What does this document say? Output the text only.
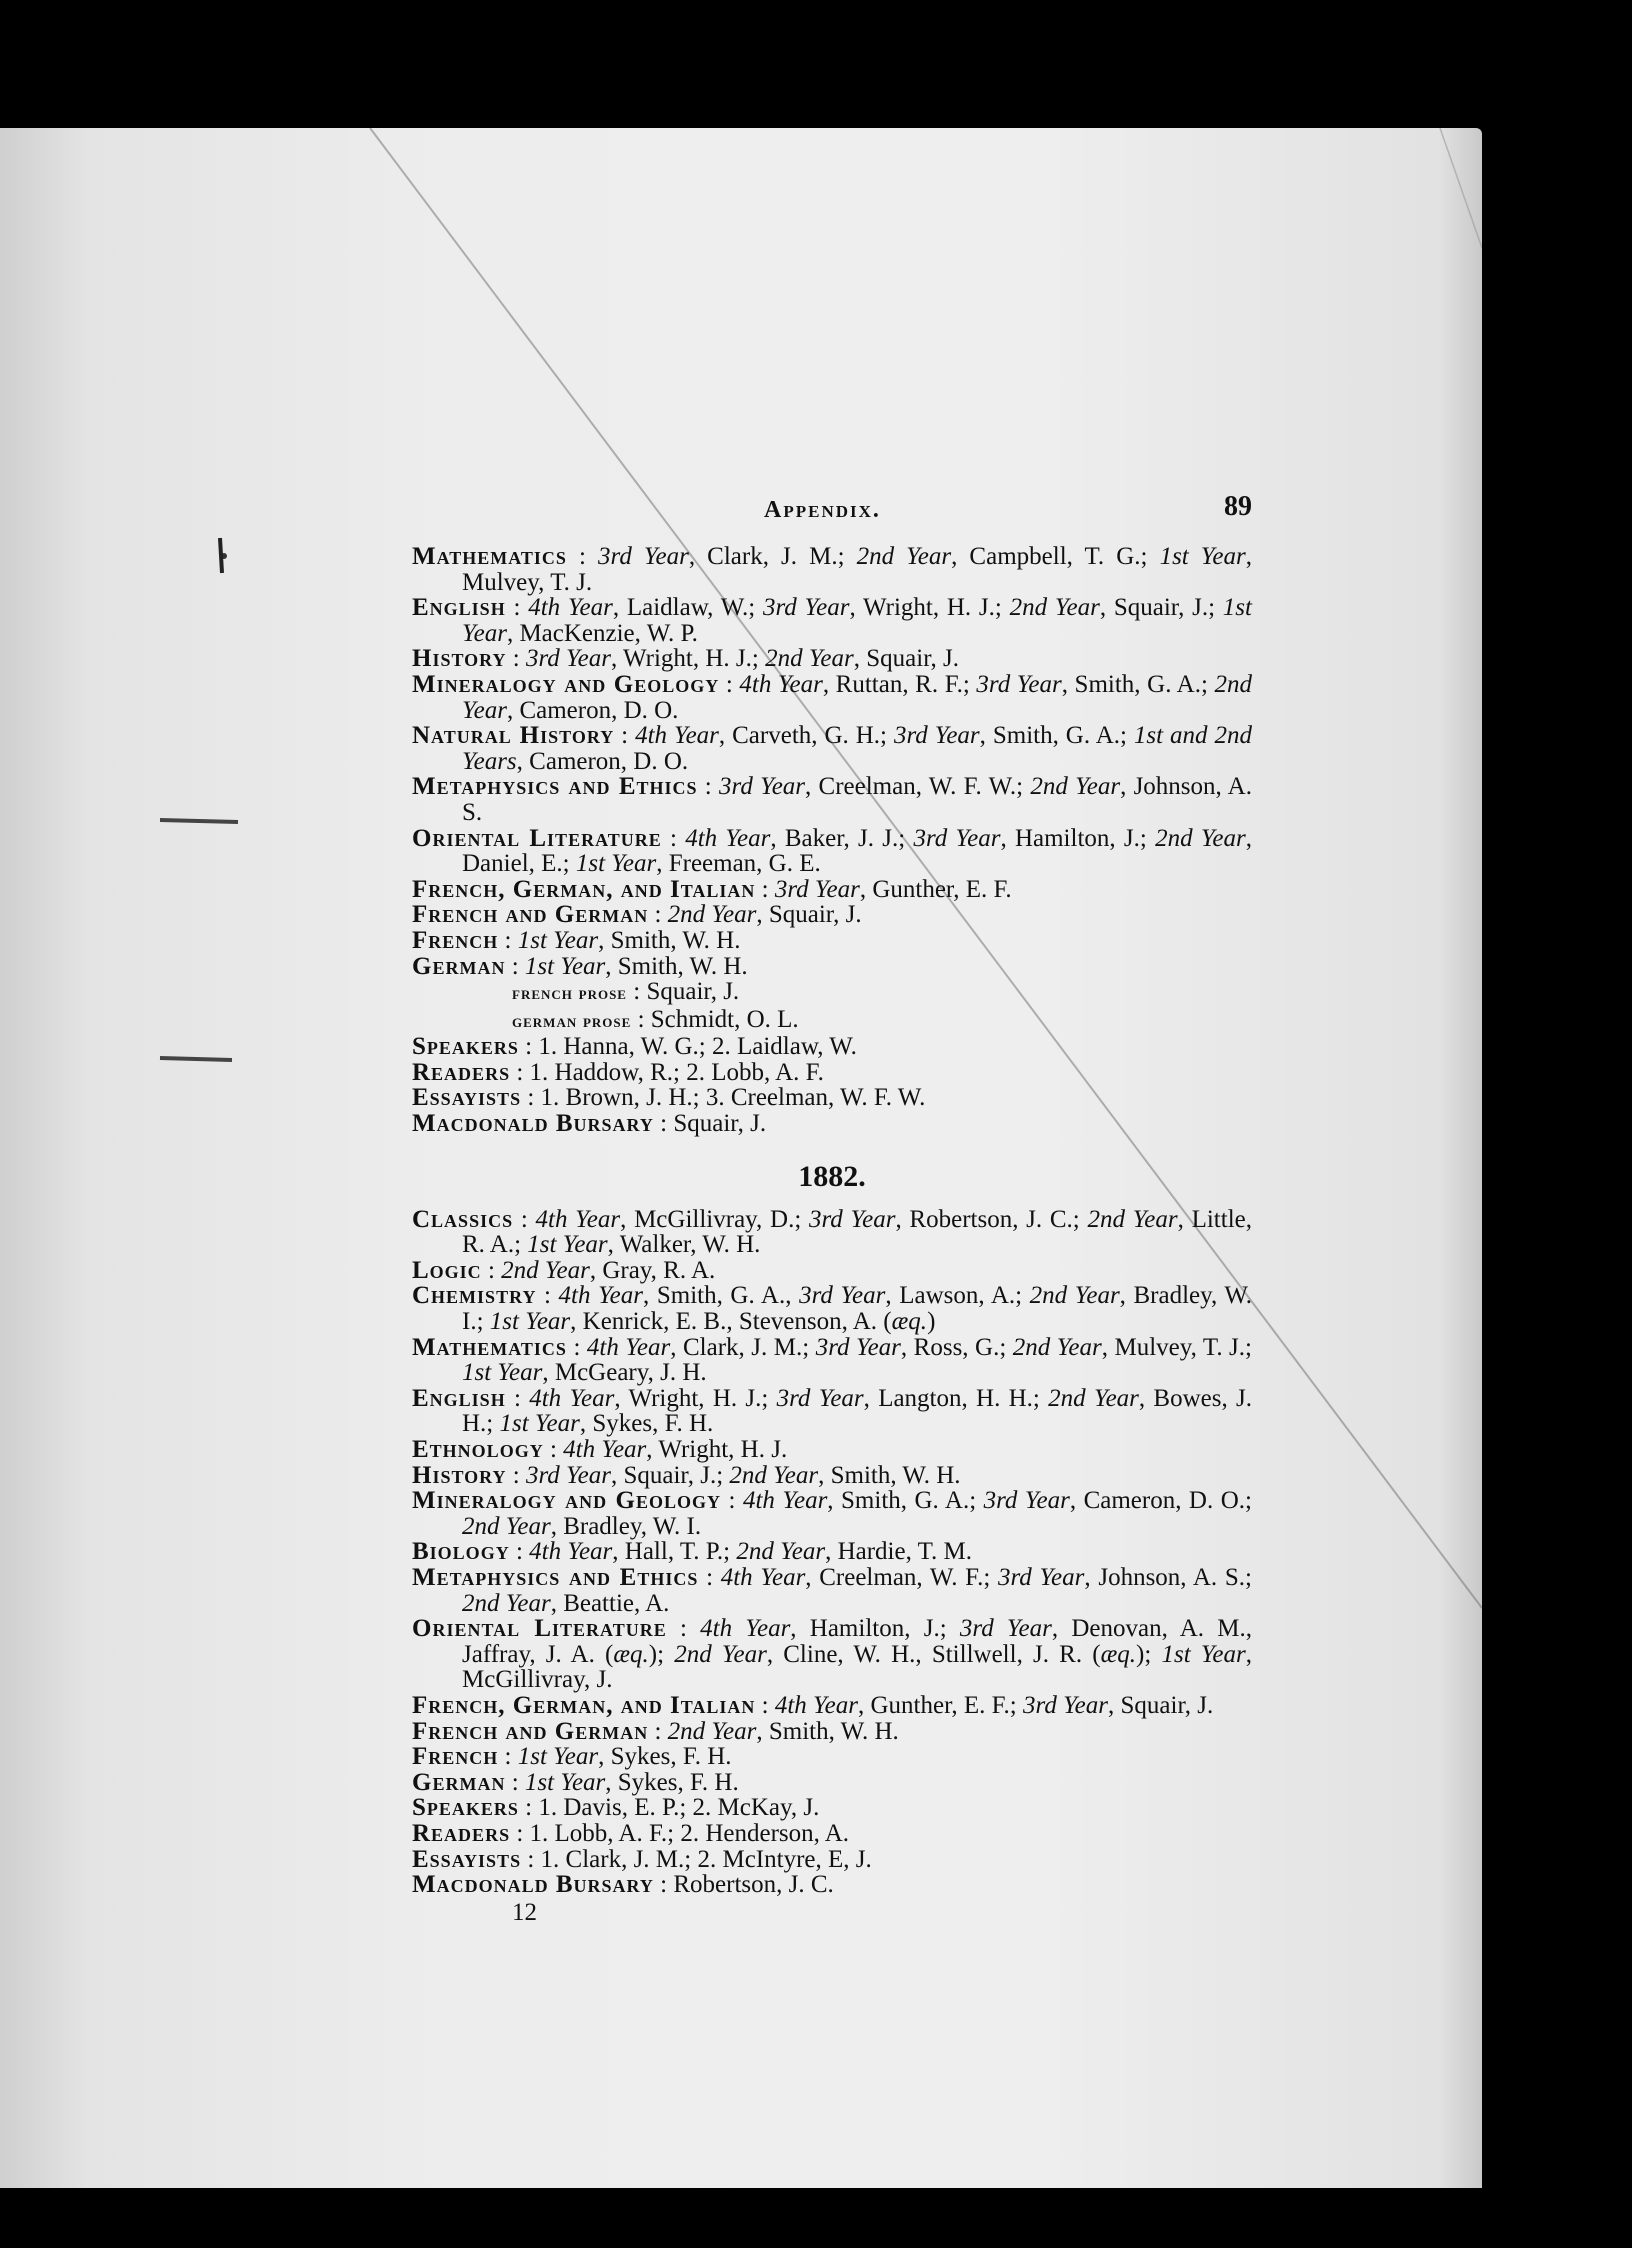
Appendix.	89

Mathematics : 3rd Year, Clark, J. M.; 2nd Year, Campbell, T. G.; 1st Year, Mulvey, T. J.

English : 4th Year, Laidlaw, W.; 3rd Year, Wright, H. J.; 2nd Year, Squair, J.; 1st Year, MacKenzie, W. P.

History : 3rd Year, Wright, H. J.; 2nd Year, Squair, J.

Mineralogy and Geology : 4th Year, Ruttan, R. F.; 3rd Year, Smith, G. A.; 2nd Year, Cameron, D. O.

Natural History : 4th Year, Carveth, G. H.; 3rd Year, Smith, G. A.; 1st and 2nd Years, Cameron, D. O.

Metaphysics and Ethics : 3rd Year, Creelman, W. F. W.; 2nd Year, Johnson, A. S.

Oriental Literature : 4th Year, Baker, J. J.; 3rd Year, Hamilton, J.; 2nd Year, Daniel, E.; 1st Year, Freeman, G. E.

French, German, and Italian : 3rd Year, Gunther, E. F.

French and German : 2nd Year, Squair, J.

French : 1st Year, Smith, W. H.

German : 1st Year, Smith, W. H.

french prose : Squair, J.

german prose : Schmidt, O. L.

Speakers : 1. Hanna, W. G.; 2. Laidlaw, W.

Readers : 1. Haddow, R.; 2. Lobb, A. F.

Essayists : 1. Brown, J. H.; 3. Creelman, W. F. W.

Macdonald Bursary : Squair, J.

1882.

Classics : 4th Year, McGillivray, D.; 3rd Year, Robertson, J. C.; 2nd Year, Little, R. A.; 1st Year, Walker, W. H.

Logic : 2nd Year, Gray, R. A.

Chemistry : 4th Year, Smith, G. A., 3rd Year, Lawson, A.; 2nd Year, Bradley, W. I.; 1st Year, Kenrick, E. B., Stevenson, A. (æq.)

Mathematics : 4th Year, Clark, J. M.; 3rd Year, Ross, G.; 2nd Year, Mulvey, T. J.; 1st Year, McGeary, J. H.

English : 4th Year, Wright, H. J.; 3rd Year, Langton, H. H.; 2nd Year, Bowes, J. H.; 1st Year, Sykes, F. H.

Ethnology : 4th Year, Wright, H. J.

History : 3rd Year, Squair, J.; 2nd Year, Smith, W. H.

Mineralogy and Geology : 4th Year, Smith, G. A.; 3rd Year, Cameron, D. O.; 2nd Year, Bradley, W. I.

Biology : 4th Year, Hall, T. P.; 2nd Year, Hardie, T. M.

Metaphysics and Ethics : 4th Year, Creelman, W. F.; 3rd Year, Johnson, A. S.; 2nd Year, Beattie, A.

Oriental Literature : 4th Year, Hamilton, J.; 3rd Year, Denovan, A. M., Jaffray, J. A. (æq.); 2nd Year, Cline, W. H., Stillwell, J. R. (æq.); 1st Year, McGillivray, J.

French, German, and Italian : 4th Year, Gunther, E. F.; 3rd Year, Squair, J.

French and German : 2nd Year, Smith, W. H.

French : 1st Year, Sykes, F. H.

German : 1st Year, Sykes, F. H.

Speakers : 1. Davis, E. P.; 2. McKay, J.

Readers : 1. Lobb, A. F.; 2. Henderson, A.

Essayists : 1. Clark, J. M.; 2. McIntyre, E, J.

Macdonald Bursary : Robertson, J. C.

12
